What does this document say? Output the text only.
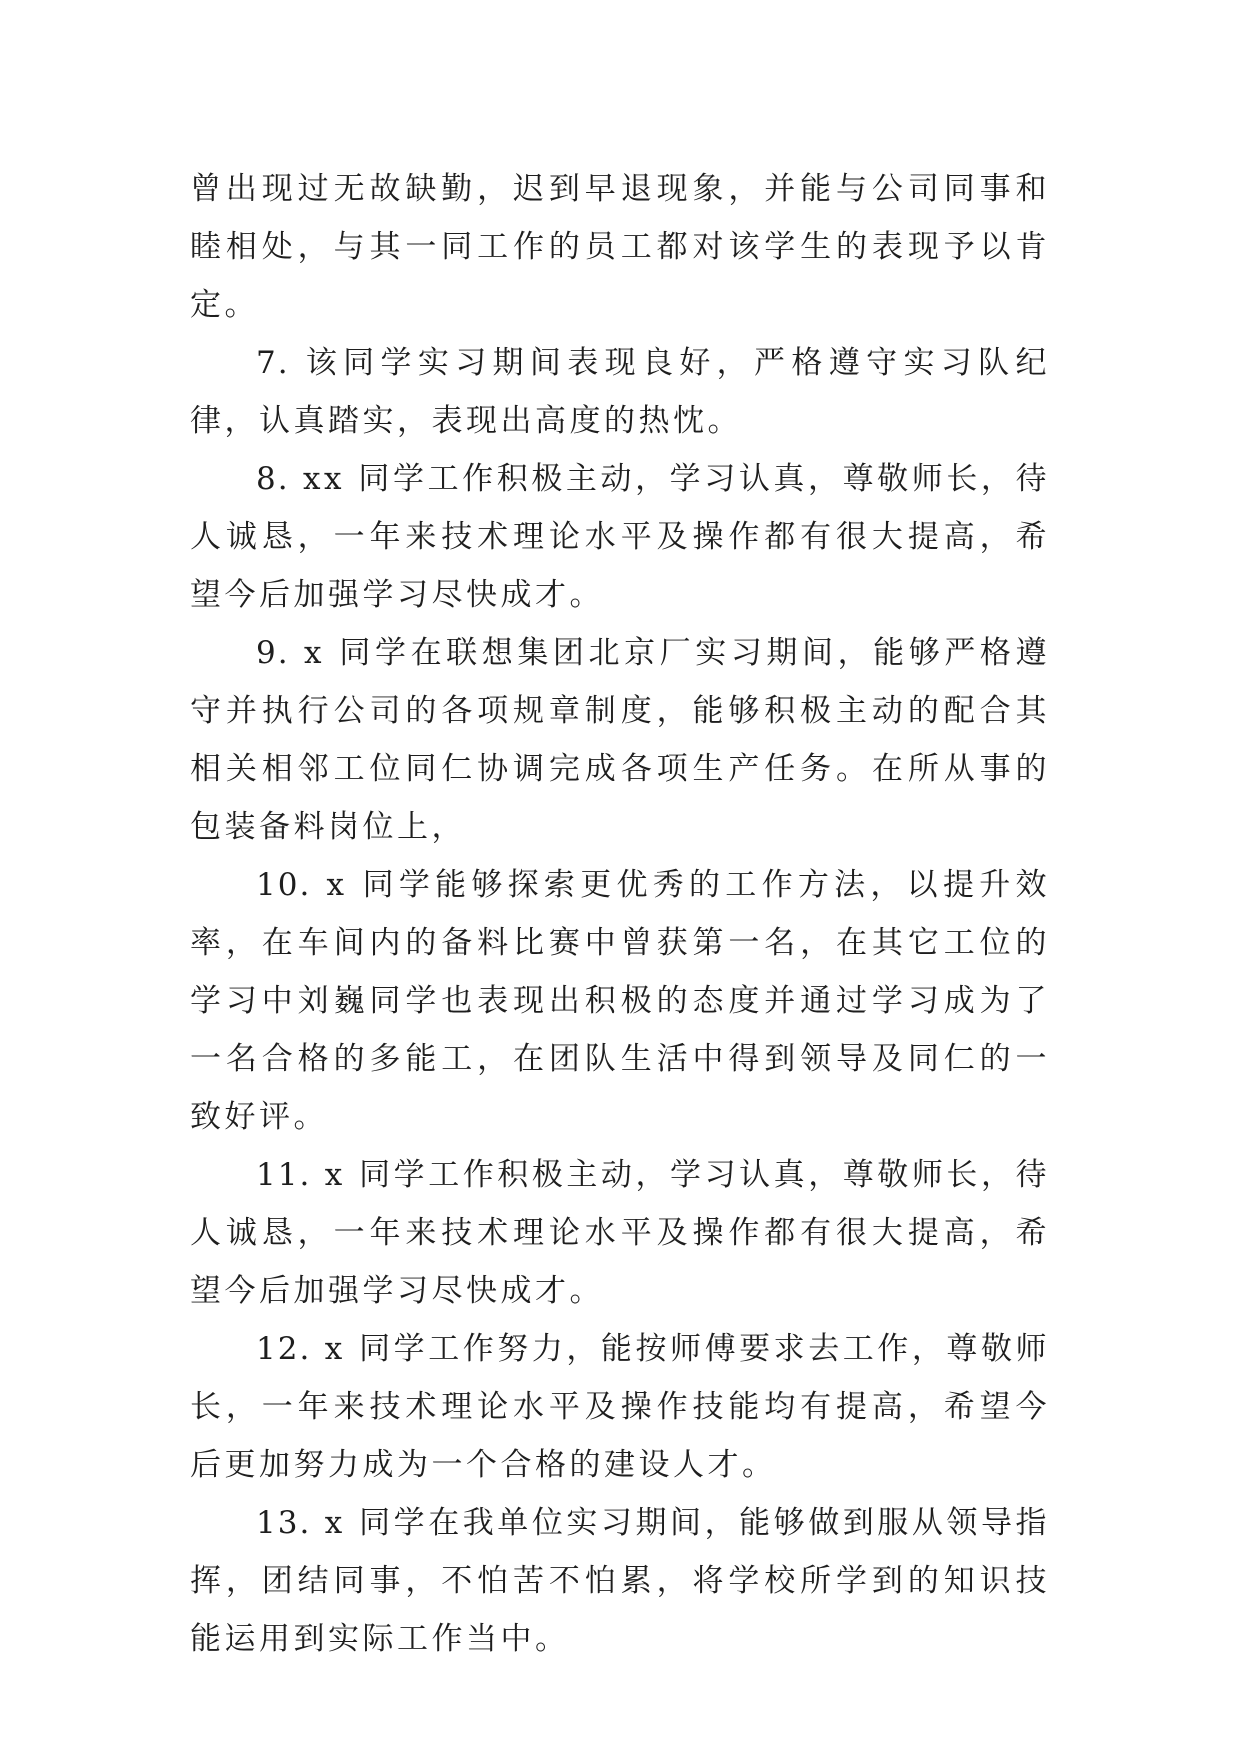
曾出现过无故缺勤，迟到早退现象，并能与公司同事和睦相处，与其一同工作的员工都对该学生的表现予以肯定。

7. 该同学实习期间表现良好，严格遵守实习队纪律，认真踏实，表现出高度的热忱。

8. xx 同学工作积极主动，学习认真，尊敬师长，待人诚恳，一年来技术理论水平及操作都有很大提高，希望今后加强学习尽快成才。

9. x 同学在联想集团北京厂实习期间，能够严格遵守并执行公司的各项规章制度，能够积极主动的配合其相关相邻工位同仁协调完成各项生产任务。在所从事的包装备料岗位上，

10. x 同学能够探索更优秀的工作方法，以提升效率，在车间内的备料比赛中曾获第一名，在其它工位的学习中刘巍同学也表现出积极的态度并通过学习成为了一名合格的多能工，在团队生活中得到领导及同仁的一致好评。

11. x 同学工作积极主动，学习认真，尊敬师长，待人诚恳，一年来技术理论水平及操作都有很大提高，希望今后加强学习尽快成才。

12. x 同学工作努力，能按师傅要求去工作，尊敬师长，一年来技术理论水平及操作技能均有提高，希望今后更加努力成为一个合格的建设人才。

13. x 同学在我单位实习期间，能够做到服从领导指挥，团结同事，不怕苦不怕累，将学校所学到的知识技能运用到实际工作当中。
